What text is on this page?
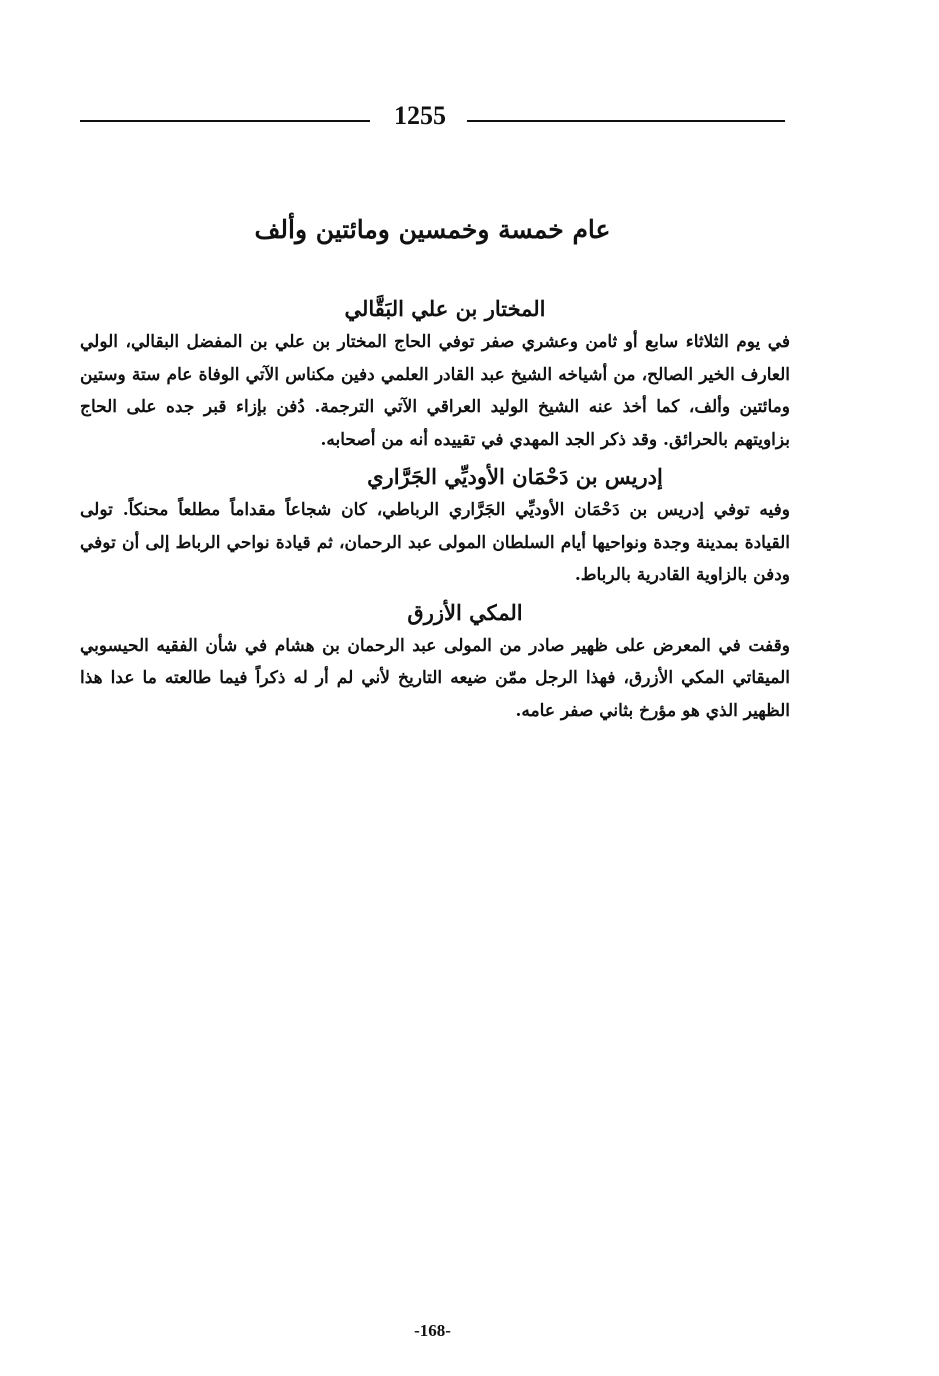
1255
عام خمسة وخمسين ومائتين وألف
المختار بن علي البَقَّالي

في يوم الثلاثاء سابع أو ثامن وعشري صفر توفي الحاج المختار بن علي بن المفضل البقالي، الولي العارف الخير الصالح، من أشياخه الشيخ عبد القادر العلمي دفين مكناس الآتي الوفاة عام ستة وستين ومائتين وألف، كما أخذ عنه الشيخ الوليد العراقي الآتي الترجمة. دُفن بإزاء قبر جده على الحاج بزاويتهم بالحرائق. وقد ذكر الجد المهدي في تقييده أنه من أصحابه.

إدريس بن دَحْمَان الأوديِّي الجَرَّاري

وفيه توفي إدريس بن دَحْمَان الأوديِّي الجَرَّاري الرباطي، كان شجاعاً مقداماً مطلعاً محنكاً. تولى القيادة بمدينة وجدة ونواحيها أيام السلطان المولى عبد الرحمان، ثم قيادة نواحي الرباط إلى أن توفي ودفن بالزاوية القادرية بالرباط.

المكي الأزرق

وقفت في المعرض على ظهير صادر من المولى عبد الرحمان بن هشام في شأن الفقيه الحيسوبي الميقاتي المكي الأزرق، فهذا الرجل ممّن ضيعه التاريخ لأني لم أر له ذكراً فيما طالعته ما عدا هذا الظهير الذي هو مؤرخ بثاني صفر عامه.

-168-
